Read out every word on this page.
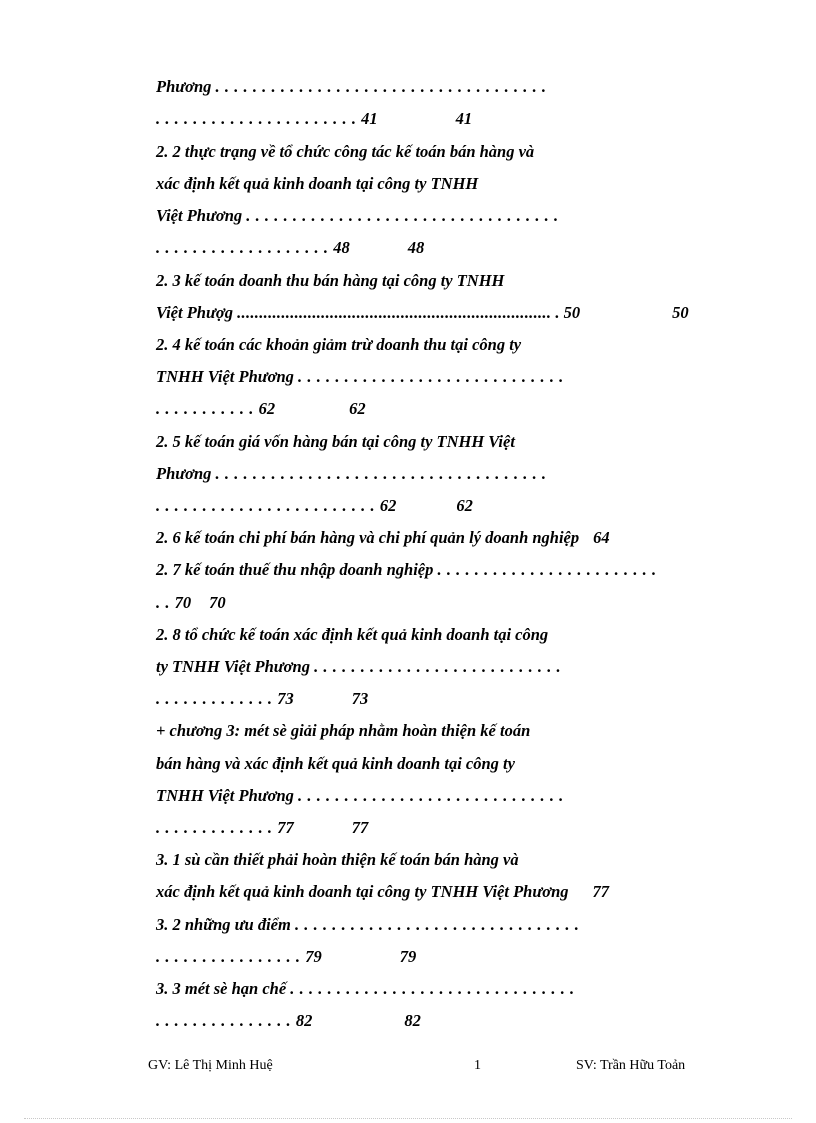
Phương ....................................
......................41	41
2. 2 thực trạng về tổ chức công tác kế toán bán hàng và
xác định kết quả kinh doanh tại công ty TNHH
Việt Phương ..................................
...................48	48
2. 3 kế toán doanh thu bán hàng tại công ty TNHH
Việt Phượg ....................................................................... . 50	50
2. 4 kế toán các khoản giảm trừ doanh thu tại công ty
TNHH Việt Phương .............................
...........62	62
2. 5 kế toán giá vốn hàng bán tại công ty TNHH Việt
Phương ....................................
........................62	62
2. 6 kế toán chi phí bán hàng và chi phí quản lý doanh nghiệp 64
2. 7 kế toán thuế thu nhập doanh nghiệp ........................
..70 70
2. 8 tổ chức kế toán xác định kết quả kinh doanh tại công
ty TNHH Việt Phương ...........................
.............73	73
+ chương 3: mét sè giải pháp nhằm hoàn thiện kế toán
bán hàng và xác định kết quả kinh doanh tại công ty
TNHH Việt Phương .............................
.............77	77
3. 1 sù cần thiết phải hoàn thiện kế toán bán hàng và
xác định kết quả kinh doanh tại công ty TNHH Việt Phương 77
3. 2 những ưu điểm ...............................
................79	79
3. 3 mét sè hạn chế ...............................
...............82	82
GV: Lê Thị Minh Huệ	1	SV: Trần Hữu Toản
